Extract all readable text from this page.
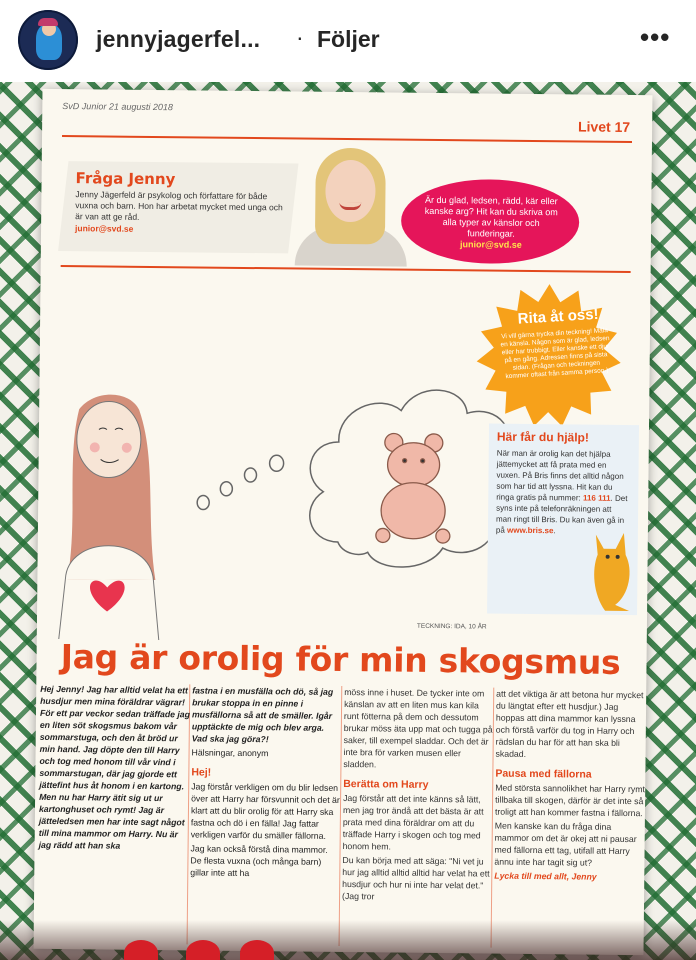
jennyjagerfel... · Följer	•••
SvD Junior 21 augusti 2018
Livet 17
Fråga Jenny
Jenny Jägerfeld är psykolog och författare för både vuxna och barn. Hon har arbetat mycket med unga och är van att ge råd.
junior@svd.se
Är du glad, ledsen, rädd, kär eller kanske arg? Hit kan du skriva om alla typer av känslor och funderingar.
junior@svd.se
Rita åt oss!
Vi vill gärna trycka din teckning! Måla en känsla. Någon som är glad, ledsen eller har trubbigt. Eller kanske ett djur på en gång. Adressen finns på sista sidan. (Frågan och teckningen kommer oftast från samma person.)
Här får du hjälp!
När man är orolig kan det hjälpa jättemycket att få prata med en vuxen. På Bris finns det alltid någon som har tid att lyssna. Hit kan du ringa gratis på nummer: 116 111. Det syns inte på telefonräkningen att man ringt till Bris. Du kan även gå in på www.bris.se.
TECKNING: IDA, 10 ÅR
Jag är orolig för min skogsmus

Hej Jenny! Jag har alltid velat ha ett husdjur men mina föräldrar vägrar! För ett par veckor sedan träffade jag en liten söt skogsmus bakom vår sommarstuga, och den åt bröd ur min hand. Jag döpte den till Harry och tog med honom till vår vind i sommarstugan, där jag gjorde ett jättefint hus åt honom i en kartong. Men nu har Harry ätit sig ut ur kartonghuset och rymt! Jag är jätteledsen men har inte sagt något till mina mammor om Harry. Nu är jag rädd att han ska

fastna i en musfälla och dö, så jag brukar stoppa in en pinne i musfällorna så att de smäller. Igår upptäckte de mig och blev arga. Vad ska jag göra?!

Hälsningar, anonym

Hej!

Jag förstår verkligen om du blir ledsen över att Harry har försvunnit och det är klart att du blir orolig för att Harry ska fastna och dö i en fälla! Jag fattar verkligen varför du smäller fällorna.

Jag kan också förstå dina mammor. De flesta vuxna (och många barn) gillar inte att ha

möss inne i huset. De tycker inte om känslan av att en liten mus kan kila runt fötterna på dem och dessutom brukar möss äta upp mat och tugga på saker, till exempel sladdar. Och det är inte bra för varken musen eller sladden.

Berätta om Harry

Jag förstår att det inte känns så lätt, men jag tror ändå att det bästa är att prata med dina föräldrar om att du träffade Harry i skogen och tog med honom hem.

Du kan börja med att säga: "Ni vet ju hur jag alltid alltid alltid har velat ha ett husdjur och hur ni inte har velat det." (Jag tror

att det viktiga är att betona hur mycket du längtat efter ett husdjur.) Jag hoppas att dina mammor kan lyssna och förstå varför du tog in Harry och rädslan du har för att han ska bli skadad.

Pausa med fällorna

Med största sannolikhet har Harry rymt tillbaka till skogen, därför är det inte så troligt att han kommer fastna i fällorna.

Men kanske kan du fråga dina mammor om det är okej att ni pausar med fällorna ett tag, utifall att Harry ännu inte har tagit sig ut?

Lycka till med allt, Jenny
